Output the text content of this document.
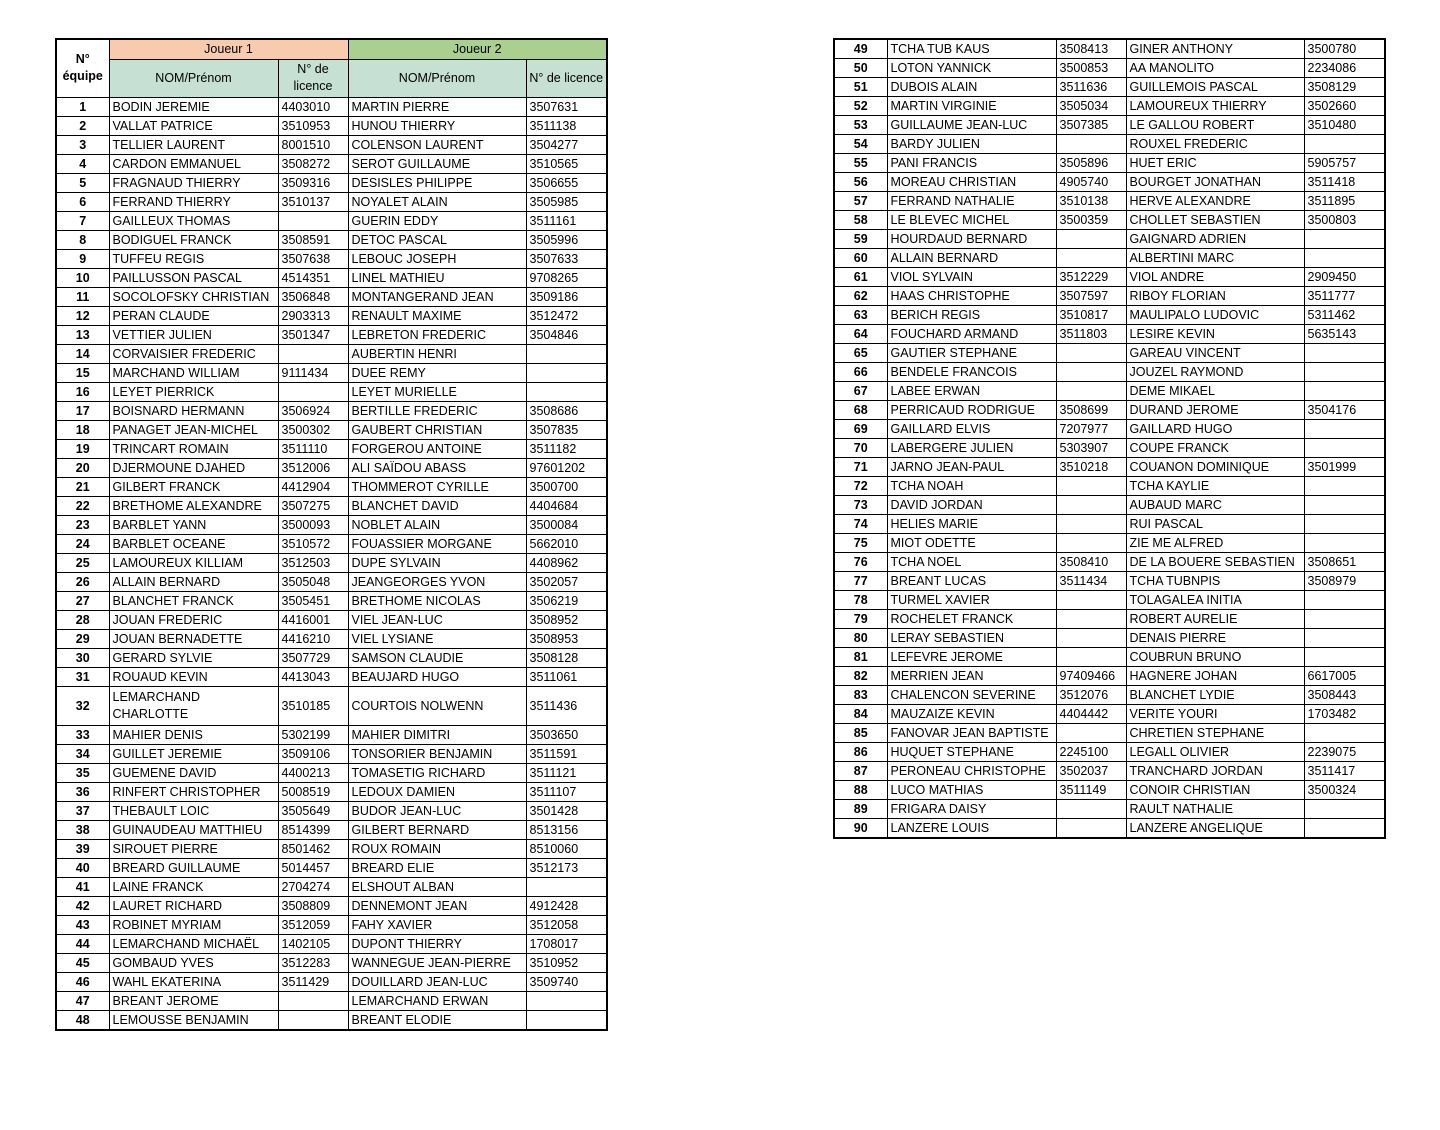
N° équipe	Joueur 1		Joueur 2	
	NOM/Prénom	N° de licence	NOM/Prénom	N° de licence
1	BODIN JEREMIE	4403010	MARTIN PIERRE	3507631
2	VALLAT PATRICE	3510953	HUNOU THIERRY	3511138
3	TELLIER LAURENT	8001510	COLENSON LAURENT	3504277
4	CARDON EMMANUEL	3508272	SEROT GUILLAUME	3510565
5	FRAGNAUD THIERRY	3509316	DESISLES PHILIPPE	3506655
6	FERRAND THIERRY	3510137	NOYALET ALAIN	3505985
7	GAILLEUX THOMAS		GUERIN EDDY	3511161
8	BODIGUEL FRANCK	3508591	DETOC PASCAL	3505996
9	TUFFEU REGIS	3507638	LEBOUC JOSEPH	3507633
10	PAILLUSSON PASCAL	4514351	LINEL MATHIEU	9708265
11	SOCOLOFSKY CHRISTIAN	3506848	MONTANGERAND JEAN	3509186
12	PERAN CLAUDE	2903313	RENAULT MAXIME	3512472
13	VETTIER JULIEN	3501347	LEBRETON FREDERIC	3504846
14	CORVAISIER FREDERIC		AUBERTIN HENRI	
15	MARCHAND WILLIAM	9111434	DUEE REMY	
16	LEYET PIERRICK		LEYET MURIELLE	
17	BOISNARD HERMANN	3506924	BERTILLE FREDERIC	3508686
18	PANAGET JEAN-MICHEL	3500302	GAUBERT CHRISTIAN	3507835
19	TRINCART ROMAIN	3511110	FORGEROU ANTOINE	3511182
20	DJERMOUNE DJAHED	3512006	ALI SAÏDOU ABASS	97601202
21	GILBERT FRANCK	4412904	THOMMEROT CYRILLE	3500700
22	BRETHOME ALEXANDRE	3507275	BLANCHET DAVID	4404684
23	BARBLET YANN	3500093	NOBLET ALAIN	3500084
24	BARBLET OCEANE	3510572	FOUASSIER MORGANE	5662010
25	LAMOUREUX KILLIAM	3512503	DUPE SYLVAIN	4408962
26	ALLAIN BERNARD	3505048	JEANGEORGES YVON	3502057
27	BLANCHET FRANCK	3505451	BRETHOME NICOLAS	3506219
28	JOUAN FREDERIC	4416001	VIEL JEAN-LUC	3508952
29	JOUAN BERNADETTE	4416210	VIEL LYSIANE	3508953
30	GERARD SYLVIE	3507729	SAMSON CLAUDIE	3508128
31	ROUAUD KEVIN	4413043	BEAUJARD HUGO	3511061
32	LEMARCHAND CHARLOTTE	3510185	COURTOIS NOLWENN	3511436
33	MAHIER DENIS	5302199	MAHIER DIMITRI	3503650
34	GUILLET JEREMIE	3509106	TONSORIER BENJAMIN	3511591
35	GUEMENE DAVID	4400213	TOMASETIG RICHARD	3511121
36	RINFERT CHRISTOPHER	5008519	LEDOUX DAMIEN	3511107
37	THEBAULT LOIC	3505649	BUDOR JEAN-LUC	3501428
38	GUINAUDEAU MATTHIEU	8514399	GILBERT BERNARD	8513156
39	SIROUET PIERRE	8501462	ROUX ROMAIN	8510060
40	BREARD GUILLAUME	5014457	BREARD ELIE	3512173
41	LAINE FRANCK	2704274	ELSHOUT ALBAN	
42	LAURET RICHARD	3508809	DENNEMONT JEAN	4912428
43	ROBINET MYRIAM	3512059	FAHY XAVIER	3512058
44	LEMARCHAND MICHAËL	1402105	DUPONT THIERRY	1708017
45	GOMBAUD YVES	3512283	WANNEGUE JEAN-PIERRE	3510952
46	WAHL EKATERINA	3511429	DOUILLARD JEAN-LUC	3509740
47	BREANT JEROME		LEMARCHAND ERWAN	
48	LEMOUSSE BENJAMIN		BREANT ELODIE	
49	TCHA TUB KAUS	3508413	GINER ANTHONY	3500780
50	LOTON YANNICK	3500853	AA MANOLITO	2234086
51	DUBOIS ALAIN	3511636	GUILLEMOIS PASCAL	3508129
52	MARTIN VIRGINIE	3505034	LAMOUREUX THIERRY	3502660
53	GUILLAUME JEAN-LUC	3507385	LE GALLOU ROBERT	3510480
54	BARDY JULIEN		ROUXEL FREDERIC	
55	PANI FRANCIS	3505896	HUET ERIC	5905757
56	MOREAU CHRISTIAN	4905740	BOURGET JONATHAN	3511418
57	FERRAND NATHALIE	3510138	HERVE ALEXANDRE	3511895
58	LE BLEVEC MICHEL	3500359	CHOLLET SEBASTIEN	3500803
59	HOURDAUD BERNARD		GAIGNARD ADRIEN	
60	ALLAIN BERNARD		ALBERTINI MARC	
61	VIOL SYLVAIN	3512229	VIOL ANDRE	2909450
62	HAAS CHRISTOPHE	3507597	RIBOY FLORIAN	3511777
63	BERICH REGIS	3510817	MAULIPALO LUDOVIC	5311462
64	FOUCHARD ARMAND	3511803	LESIRE KEVIN	5635143
65	GAUTIER STEPHANE		GAREAU VINCENT	
66	BENDELE FRANCOIS		JOUZEL RAYMOND	
67	LABEE ERWAN		DEME MIKAEL	
68	PERRICAUD RODRIGUE	3508699	DURAND JEROME	3504176
69	GAILLARD ELVIS	7207977	GAILLARD HUGO	
70	LABERGERE JULIEN	5303907	COUPE FRANCK	
71	JARNO JEAN-PAUL	3510218	COUANON DOMINIQUE	3501999
72	TCHA NOAH		TCHA KAYLIE	
73	DAVID JORDAN		AUBAUD MARC	
74	HELIES MARIE		RUI PASCAL	
75	MIOT ODETTE		ZIE ME ALFRED	
76	TCHA NOEL	3508410	DE LA BOUERE SEBASTIEN	3508651
77	BREANT LUCAS	3511434	TCHA TUBNPIS	3508979
78	TURMEL XAVIER		TOLAGALEA INITIA	
79	ROCHELET FRANCK		ROBERT AURELIE	
80	LERAY SEBASTIEN		DENAIS PIERRE	
81	LEFEVRE JEROME		COUBRUN BRUNO	
82	MERRIEN JEAN	97409466	HAGNERE JOHAN	6617005
83	CHALENCON SEVERINE	3512076	BLANCHET LYDIE	3508443
84	MAUZAIZE KEVIN	4404442	VERITE YOURI	1703482
85	FANOVAR JEAN BAPTISTE		CHRETIEN STEPHANE	
86	HUQUET STEPHANE	2245100	LEGALL OLIVIER	2239075
87	PERONEAU CHRISTOPHE	3502037	TRANCHARD JORDAN	3511417
88	LUCO MATHIAS	3511149	CONOIR CHRISTIAN	3500324
89	FRIGARA DAISY		RAULT NATHALIE	
90	LANZERE LOUIS		LANZERE ANGELIQUE	
